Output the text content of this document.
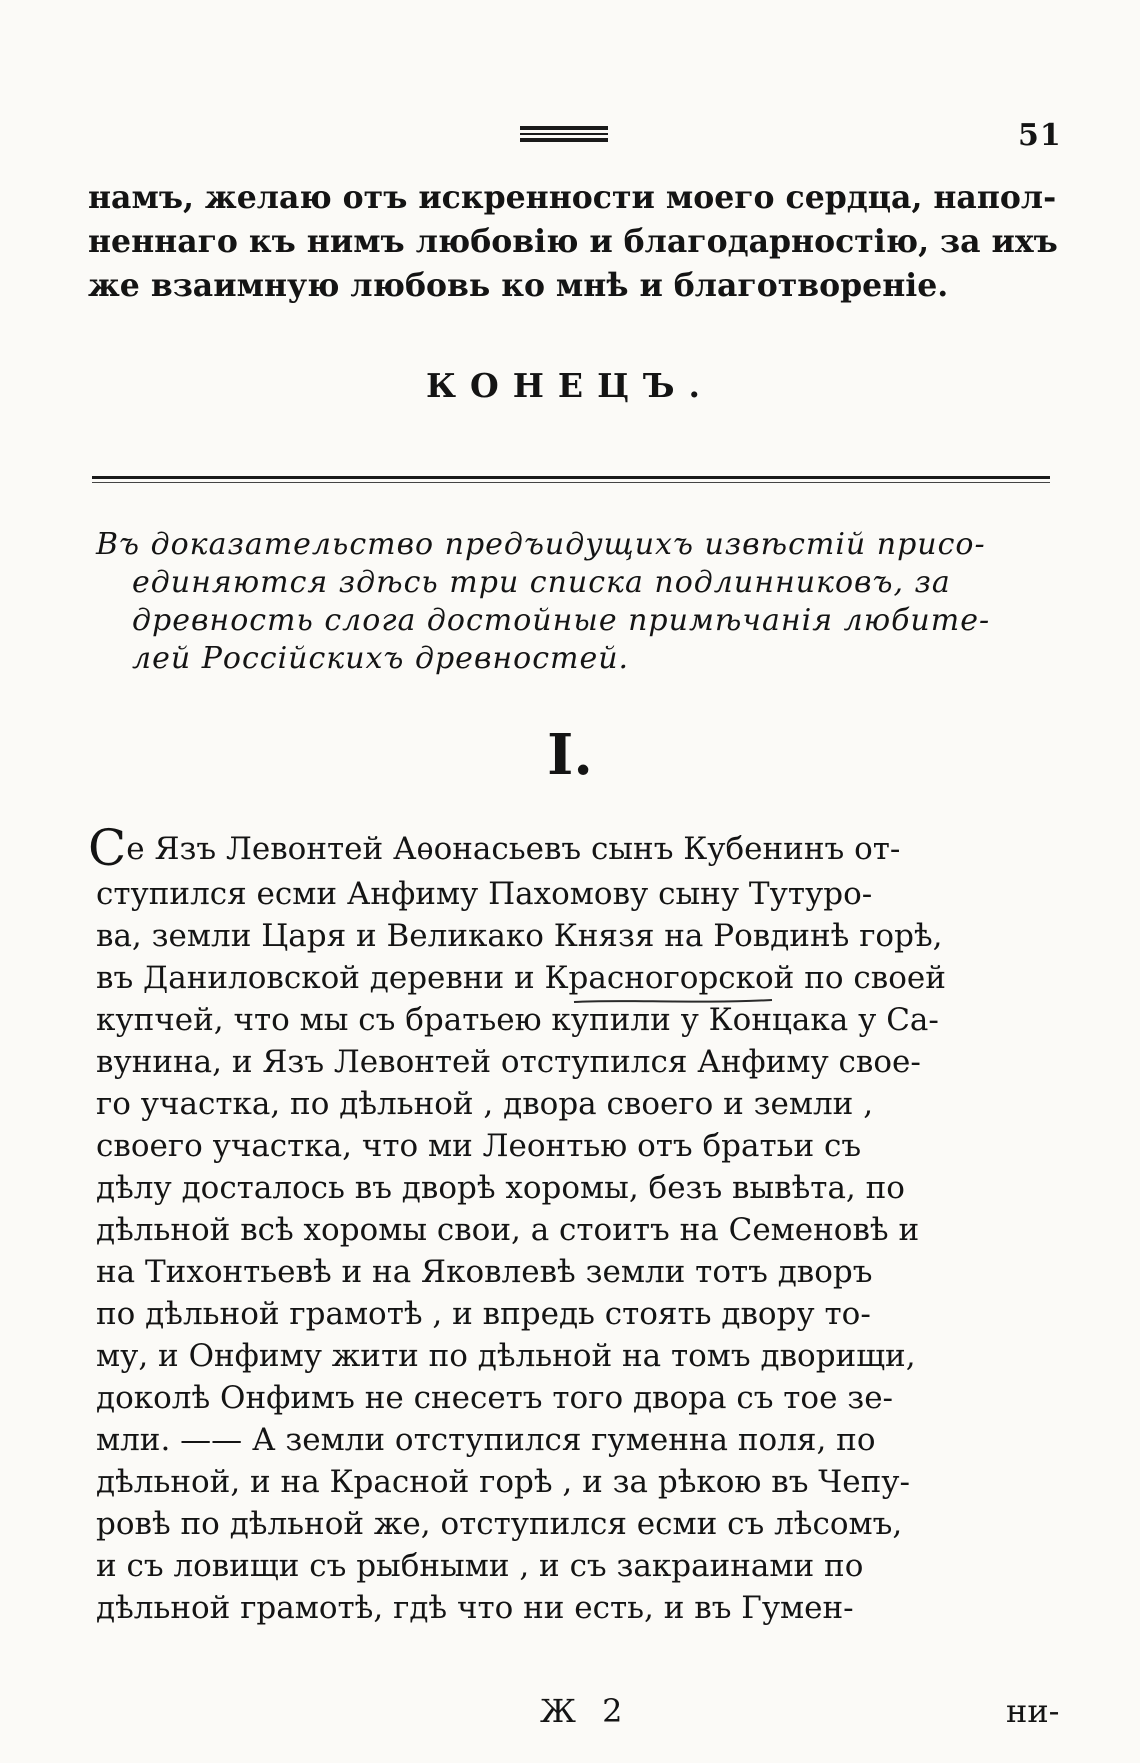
51
намъ, желаю отъ искренности моего сердца, напол-
неннаго къ нимъ любовію и благодарностію, за ихъ
же взаимную любовь ко мнѣ и благотвореніе.
КОНЕЦЪ.
Въ доказательство предъидущихъ извѣстій присо-
единяются здѣсь три списка подлинниковъ, за
древность слога достойные примѣчанія любите-
лей Россійскихъ древностей.
I.
Се Язъ Левонтей Аѳонасьевъ сынъ Кубенинъ от-
ступился есми Анфиму Пахомову сыну Тутуро-
ва, земли Царя и Великако Князя на Ровдинѣ горѣ,
въ Даниловской деревни и Красногорской по своей
купчей, что мы съ братьею купили у Концака у Са-
вунина, и Язъ Левонтей отступился Анфиму свое-
го участка, по дѣльной , двора своего и земли ,
своего участка, что ми Леонтью отъ братьи съ
дѣлу досталось въ дворѣ хоромы, безъ вывѣта, по
дѣльной всѣ хоромы свои, а стоитъ на Семеновѣ и
на Тихонтьевѣ и на Яковлевѣ земли тотъ дворъ
по дѣльной грамотѣ , и впредь стоять двору то-
му, и Онфиму жити по дѣльной на томъ дворищи,
доколѣ Онфимъ не снесетъ того двора съ тое зе-
мли. —— А земли отступился гуменна поля, по
дѣльной, и на Красной горѣ , и за рѣкою въ Чепу-
ровѣ по дѣльной же, отступился есми съ лѣсомъ,
и съ ловищи съ рыбными , и съ закраинами по
дѣльной грамотѣ, гдѣ что ни есть, и въ Гумен-
Ж 2	ни-
